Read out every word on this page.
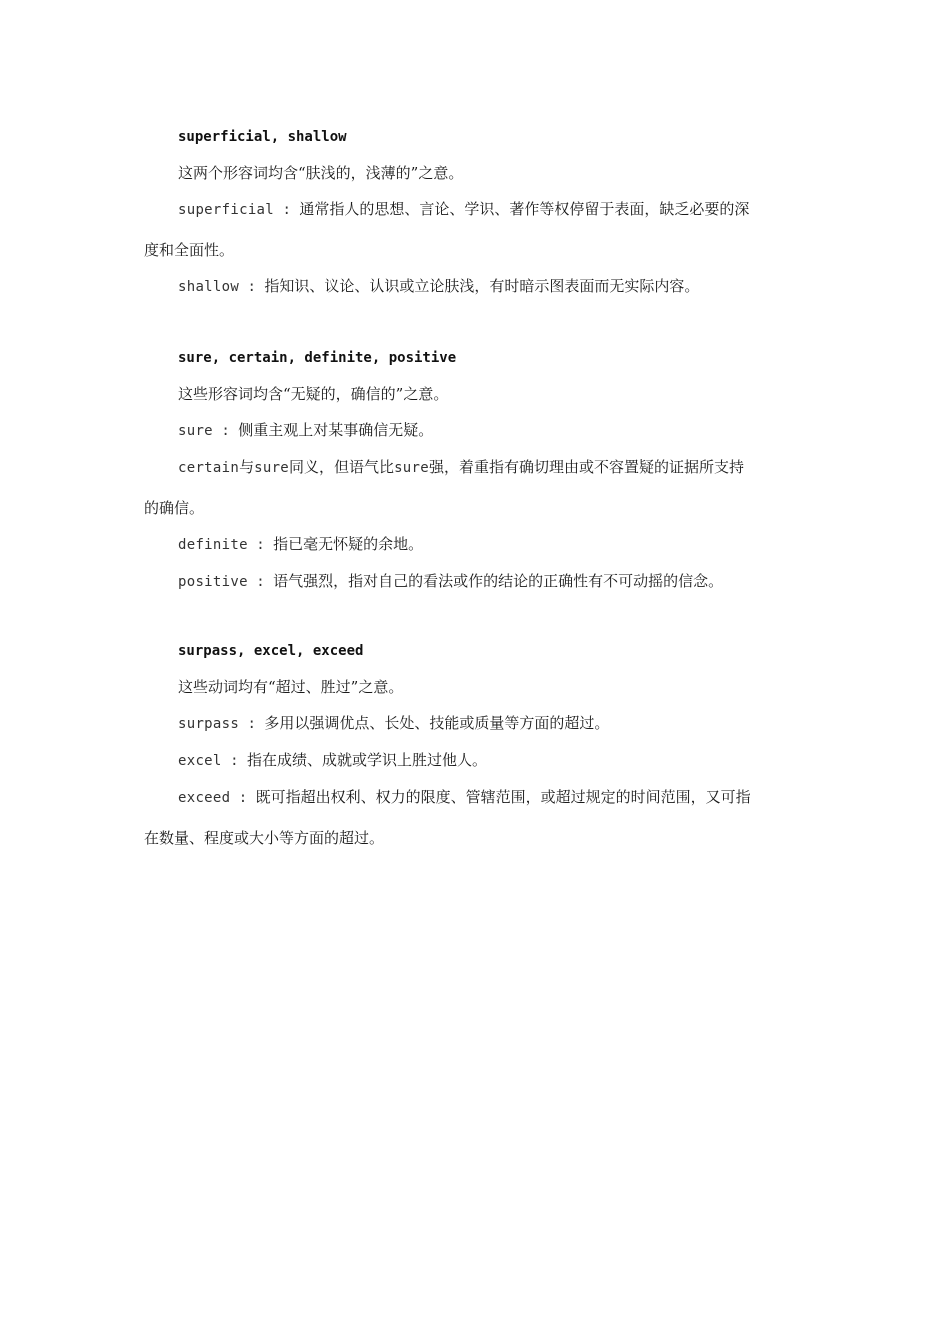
superficial, shallow
这两个形容词均含“肤浅的，浅薄的”之意。
superficial : 通常指人的思想、言论、学识、著作等权停留于表面，缺乏必要的深
度和全面性。
shallow : 指知识、议论、认识或立论肤浅，有时暗示图表面而无实际内容。
sure, certain, definite, positive
这些形容词均含“无疑的，确信的”之意。
sure : 侧重主观上对某事确信无疑。
certain与sure同义，但语气比sure强，着重指有确切理由或不容置疑的证据所支持
的确信。
definite : 指已毫无怀疑的余地。
positive : 语气强烈，指对自己的看法或作的结论的正确性有不可动摇的信念。
surpass, excel, exceed
这些动词均有“超过、胜过”之意。
surpass : 多用以强调优点、长处、技能或质量等方面的超过。
excel : 指在成绩、成就或学识上胜过他人。
exceed : 既可指超出权利、权力的限度、管辖范围，或超过规定的时间范围，又可指
在数量、程度或大小等方面的超过。
